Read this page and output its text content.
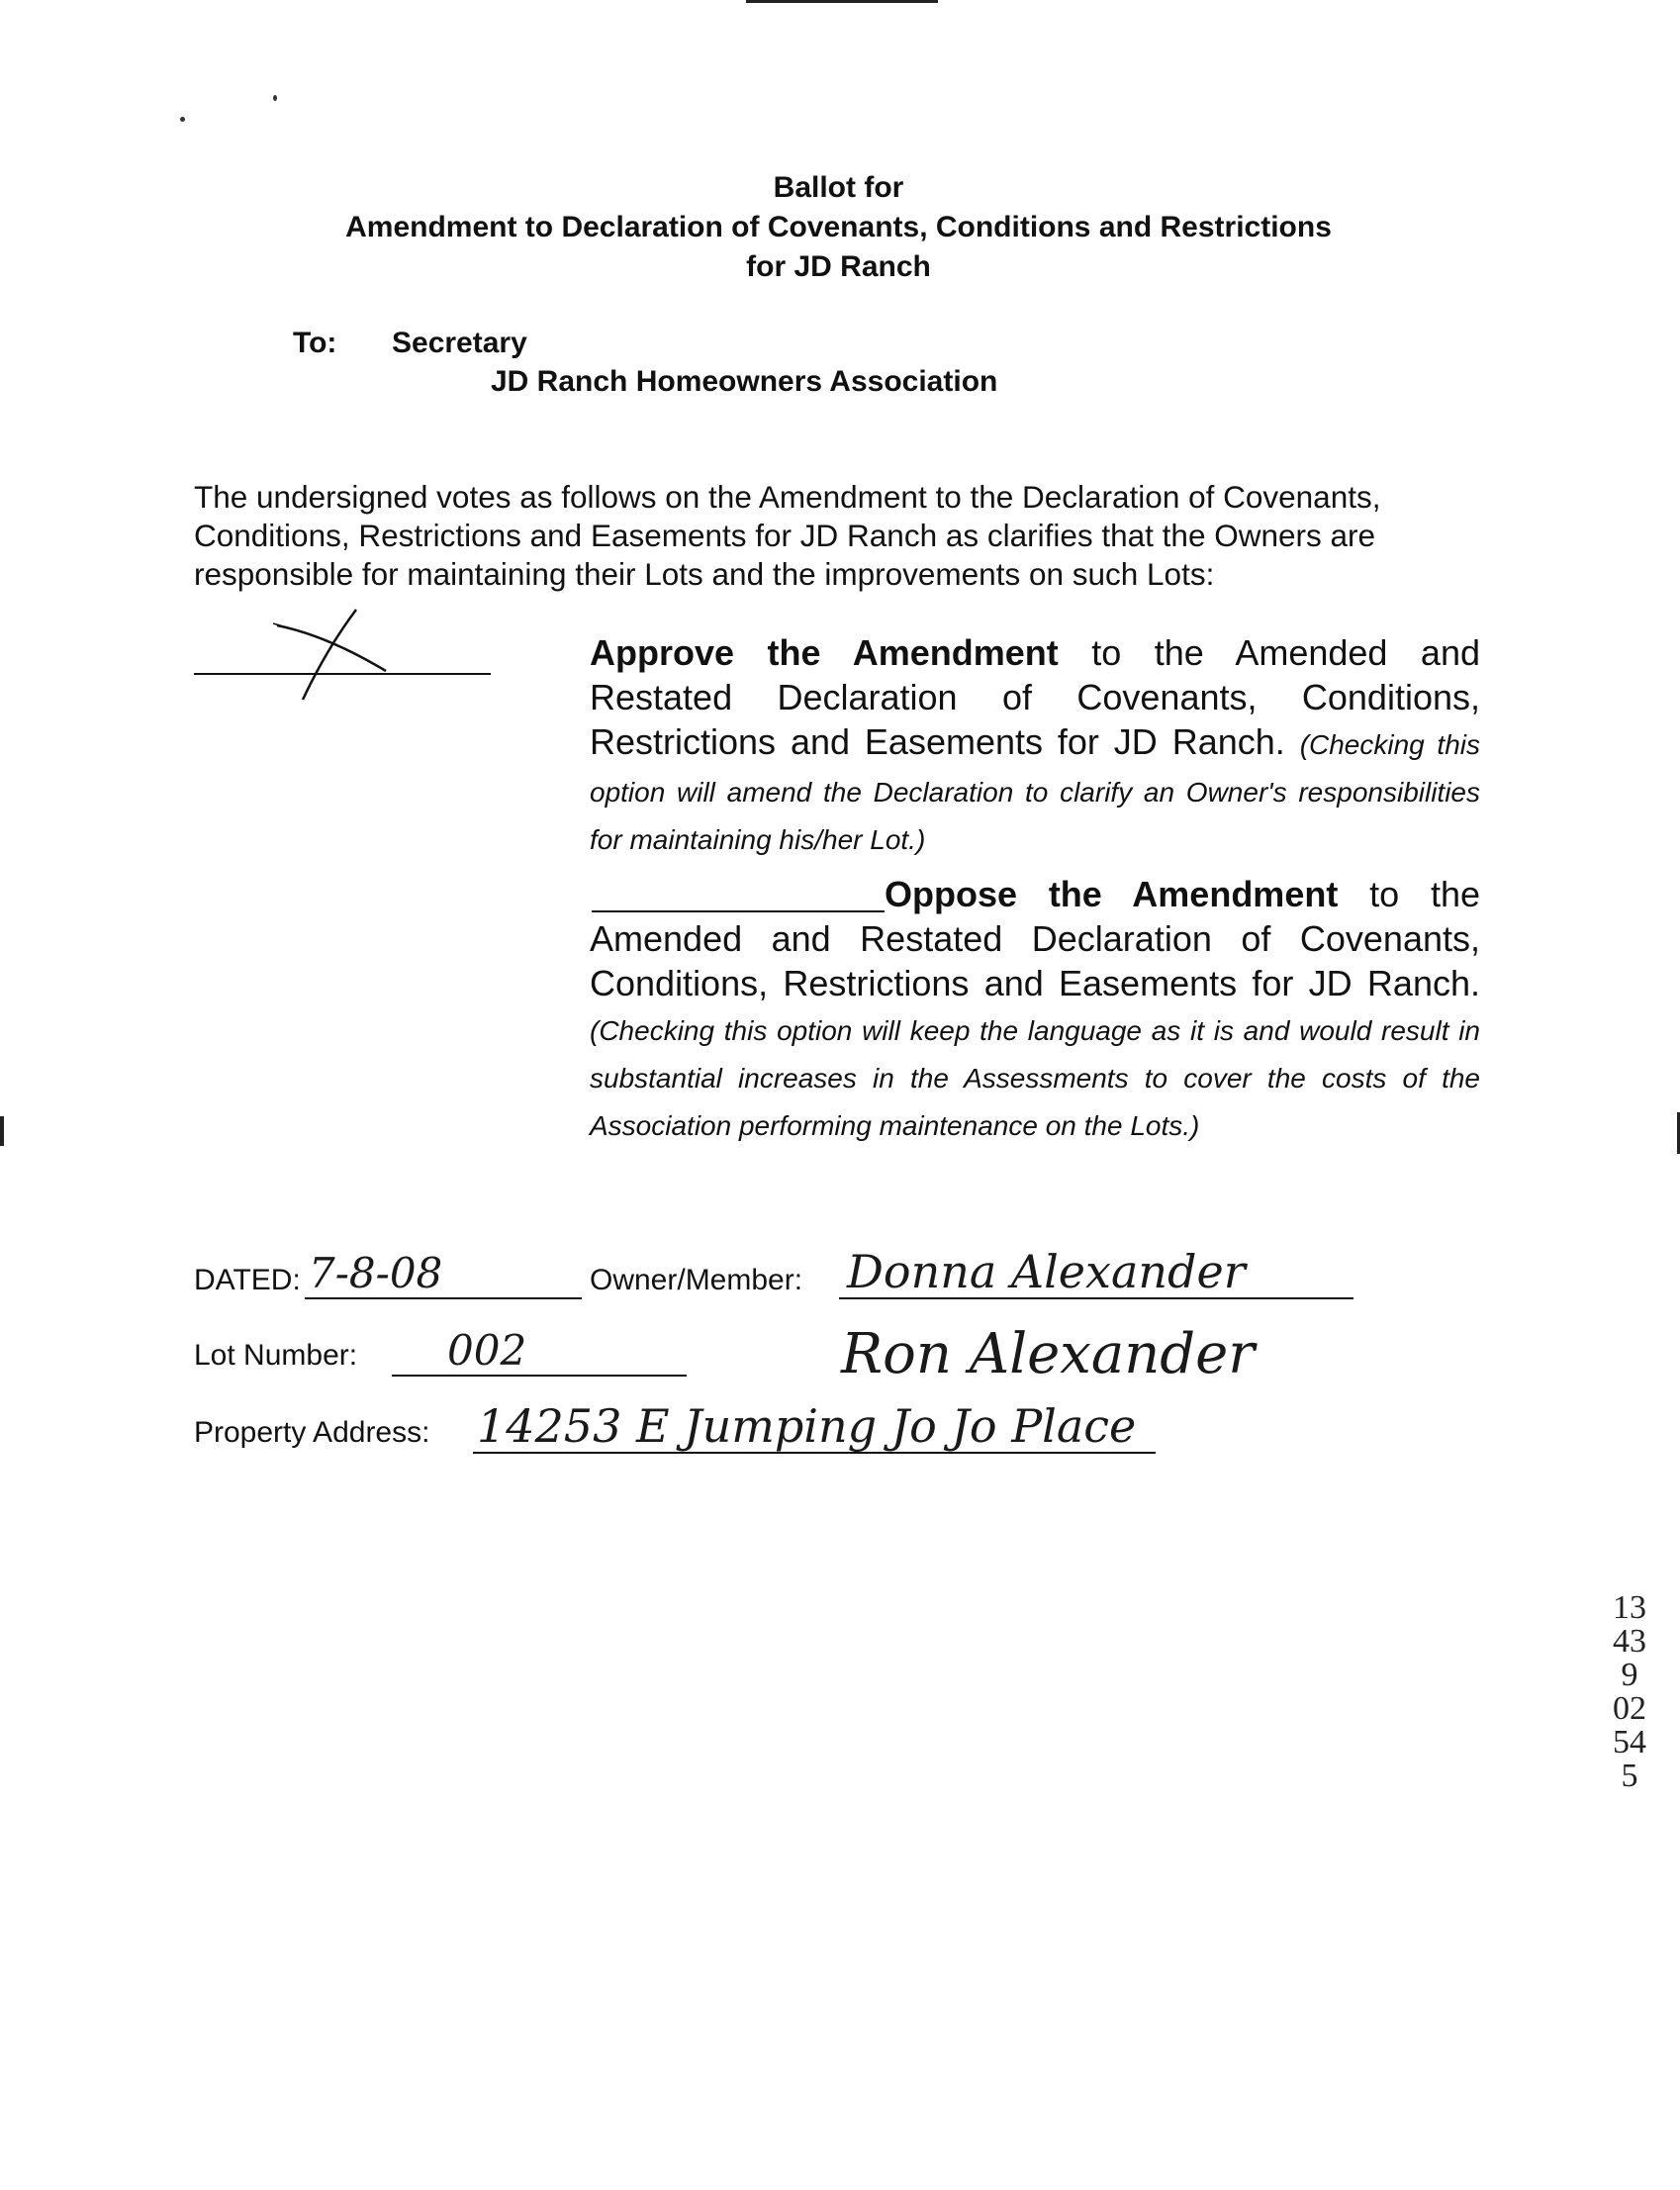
Ballot for
Amendment to Declaration of Covenants, Conditions and Restrictions
for JD Ranch
To: Secretary
JD Ranch Homeowners Association

The undersigned votes as follows on the Amendment to the Declaration of Covenants, Conditions, Restrictions and Easements for JD Ranch as clarifies that the Owners are responsible for maintaining their Lots and the improvements on such Lots:

Approve the Amendment to the Amended and Restated Declaration of Covenants, Conditions, Restrictions and Easements for JD Ranch. (Checking this option will amend the Declaration to clarify an Owner's responsibilities for maintaining his/her Lot.)

Oppose the Amendment to the Amended and Restated Declaration of Covenants, Conditions, Restrictions and Easements for JD Ranch. (Checking this option will keep the language as it is and would result in substantial increases in the Assessments to cover the costs of the Association performing maintenance on the Lots.)

DATED: 7-8-08	Owner/Member: Donna Alexander
Ron Alexander
Lot Number: 002
Property Address: 14253 E Jumping Jo Jo Place
13439 02545
